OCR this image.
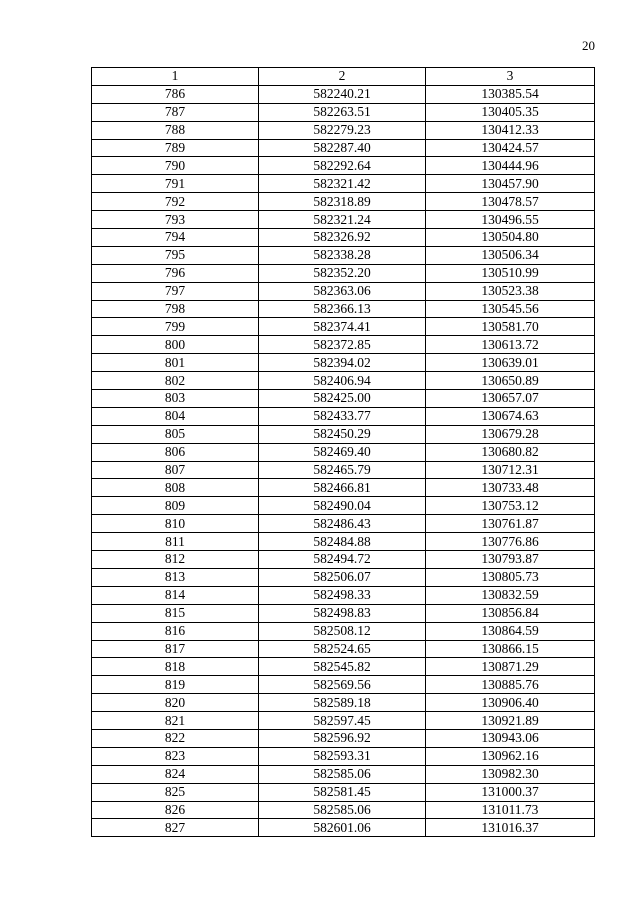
20
1	2	3
786	582240.21	130385.54
787	582263.51	130405.35
788	582279.23	130412.33
789	582287.40	130424.57
790	582292.64	130444.96
791	582321.42	130457.90
792	582318.89	130478.57
793	582321.24	130496.55
794	582326.92	130504.80
795	582338.28	130506.34
796	582352.20	130510.99
797	582363.06	130523.38
798	582366.13	130545.56
799	582374.41	130581.70
800	582372.85	130613.72
801	582394.02	130639.01
802	582406.94	130650.89
803	582425.00	130657.07
804	582433.77	130674.63
805	582450.29	130679.28
806	582469.40	130680.82
807	582465.79	130712.31
808	582466.81	130733.48
809	582490.04	130753.12
810	582486.43	130761.87
811	582484.88	130776.86
812	582494.72	130793.87
813	582506.07	130805.73
814	582498.33	130832.59
815	582498.83	130856.84
816	582508.12	130864.59
817	582524.65	130866.15
818	582545.82	130871.29
819	582569.56	130885.76
820	582589.18	130906.40
821	582597.45	130921.89
822	582596.92	130943.06
823	582593.31	130962.16
824	582585.06	130982.30
825	582581.45	131000.37
826	582585.06	131011.73
827	582601.06	131016.37
